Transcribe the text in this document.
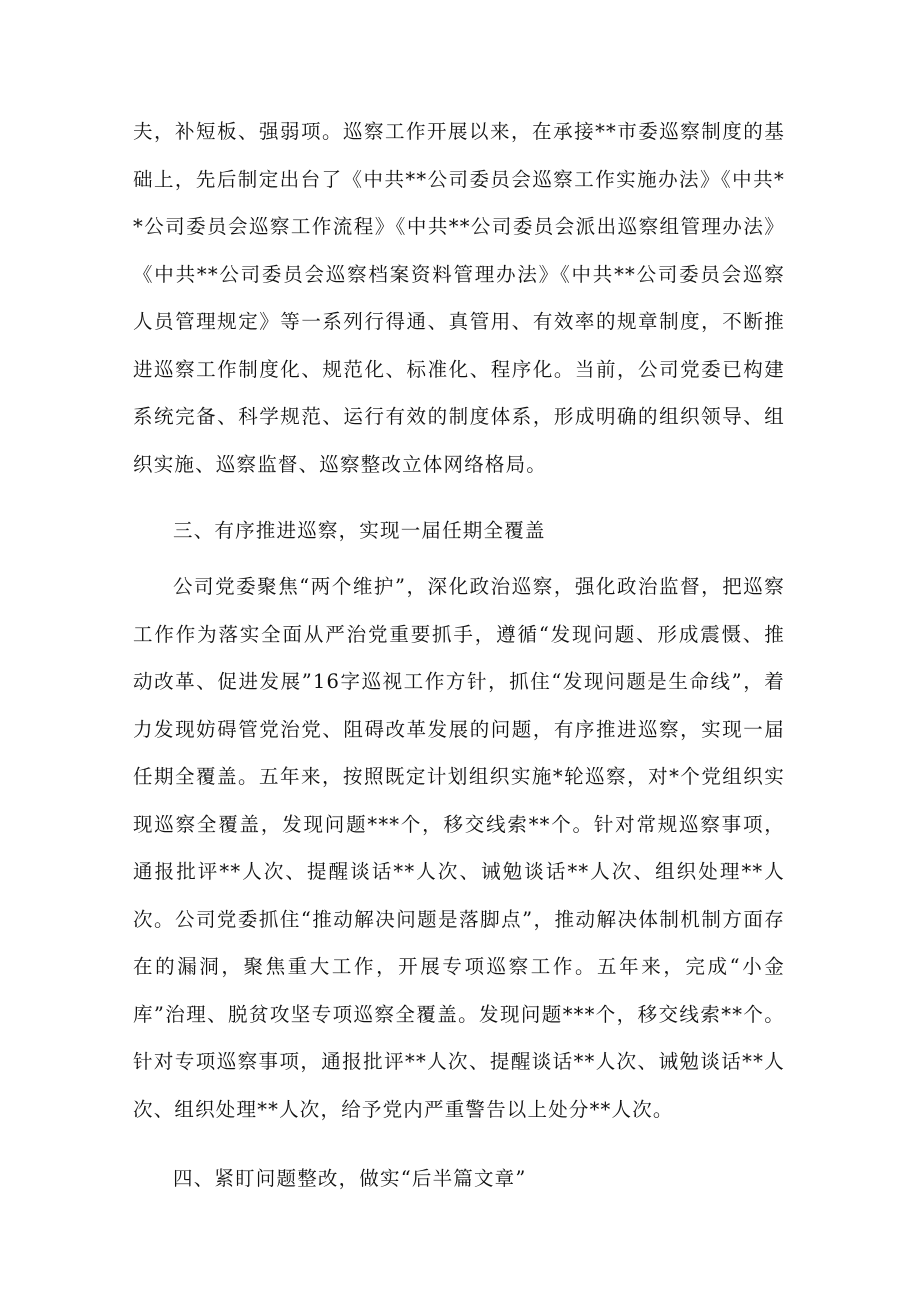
夫，补短板、强弱项。巡察工作开展以来，在承接**市委巡察制度的基础上，先后制定出台了《中共**公司委员会巡察工作实施办法》《中共**公司委员会巡察工作流程》《中共**公司委员会派出巡察组管理办法》《中共**公司委员会巡察档案资料管理办法》《中共**公司委员会巡察人员管理规定》等一系列行得通、真管用、有效率的规章制度，不断推进巡察工作制度化、规范化、标准化、程序化。当前，公司党委已构建系统完备、科学规范、运行有效的制度体系，形成明确的组织领导、组织实施、巡察监督、巡察整改立体网络格局。

三、有序推进巡察，实现一届任期全覆盖

公司党委聚焦“两个维护”，深化政治巡察，强化政治监督，把巡察工作作为落实全面从严治党重要抓手，遵循“发现问题、形成震慑、推动改革、促进发展”16字巡视工作方针，抓住“发现问题是生命线”，着力发现妨碍管党治党、阻碍改革发展的问题，有序推进巡察，实现一届任期全覆盖。五年来，按照既定计划组织实施*轮巡察，对*个党组织实现巡察全覆盖，发现问题***个，移交线索**个。针对常规巡察事项，通报批评**人次、提醒谈话**人次、诫勉谈话**人次、组织处理**人次。公司党委抓住“推动解决问题是落脚点”，推动解决体制机制方面存在的漏洞，聚焦重大工作，开展专项巡察工作。五年来，完成“小金库”治理、脱贫攻坚专项巡察全覆盖。发现问题***个，移交线索**个。针对专项巡察事项，通报批评**人次、提醒谈话**人次、诫勉谈话**人次、组织处理**人次，给予党内严重警告以上处分**人次。

四、紧盯问题整改，做实“后半篇文章”
